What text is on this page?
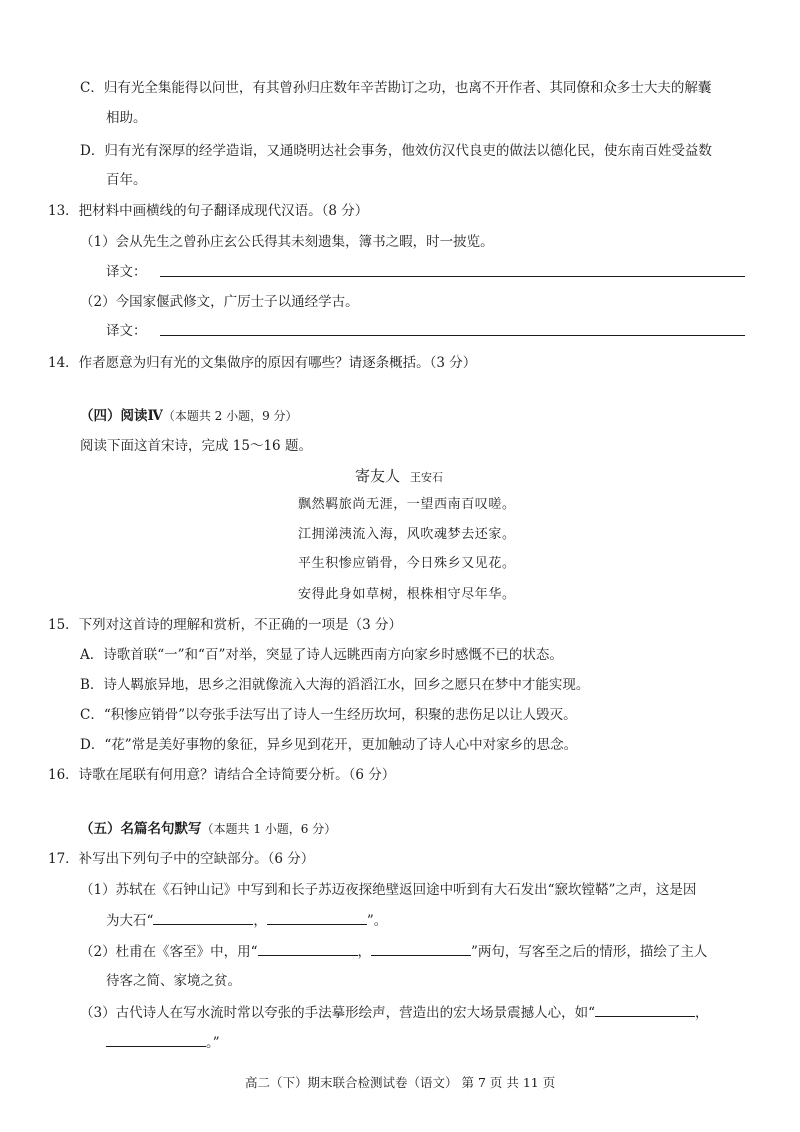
C．归有光全集能得以问世，有其曾孙归庄数年辛苦勘订之功，也离不开作者、其同僚和众多士大夫的解囊
相助。
D．归有光有深厚的经学造诣，又通晓明达社会事务，他效仿汉代良吏的做法以德化民，使东南百姓受益数
百年。
13．把材料中画横线的句子翻译成现代汉语。（8 分）
（1）会从先生之曾孙庄玄公氏得其未刻遗集，簿书之暇，时一披览。
译文：
（2）今国家偃武修文，广厉士子以通经学古。
译文：
14．作者愿意为归有光的文集做序的原因有哪些？请逐条概括。（3 分）
（四）阅读Ⅳ（本题共 2 小题，9 分）
阅读下面这首宋诗，完成 15～16 题。
寄友人 王安石
飘然羁旅尚无涯，一望西南百叹嗟。
江拥涕洟流入海，风吹魂梦去还家。
平生积惨应销骨，今日殊乡又见花。
安得此身如草树，根株相守尽年华。
15．下列对这首诗的理解和赏析，不正确的一项是（3 分）
A．诗歌首联“一”和“百”对举，突显了诗人远眺西南方向家乡时感慨不已的状态。
B．诗人羁旅异地，思乡之泪就像流入大海的滔滔江水，回乡之愿只在梦中才能实现。
C．“积惨应销骨”以夸张手法写出了诗人一生经历坎坷，积聚的悲伤足以让人毁灭。
D．“花”常是美好事物的象征，异乡见到花开，更加触动了诗人心中对家乡的思念。
16．诗歌在尾联有何用意？请结合全诗简要分析。（6 分）
（五）名篇名句默写（本题共 1 小题，6 分）
17．补写出下列句子中的空缺部分。（6 分）
（1）苏轼在《石钟山记》中写到和长子苏迈夜探绝壁返回途中听到有大石发出“窾坎镗鞳”之声，这是因
为大石“	，	”。
（2）杜甫在《客至》中，用“	，	”两句，写客至之后的情形，描绘了主人
待客之简、家境之贫。
（3）古代诗人在写水流时常以夸张的手法摹形绘声，营造出的宏大场景震撼人心，如“	，
。”
高二（下）期末联合检测试卷（语文） 第 7 页 共 11 页
